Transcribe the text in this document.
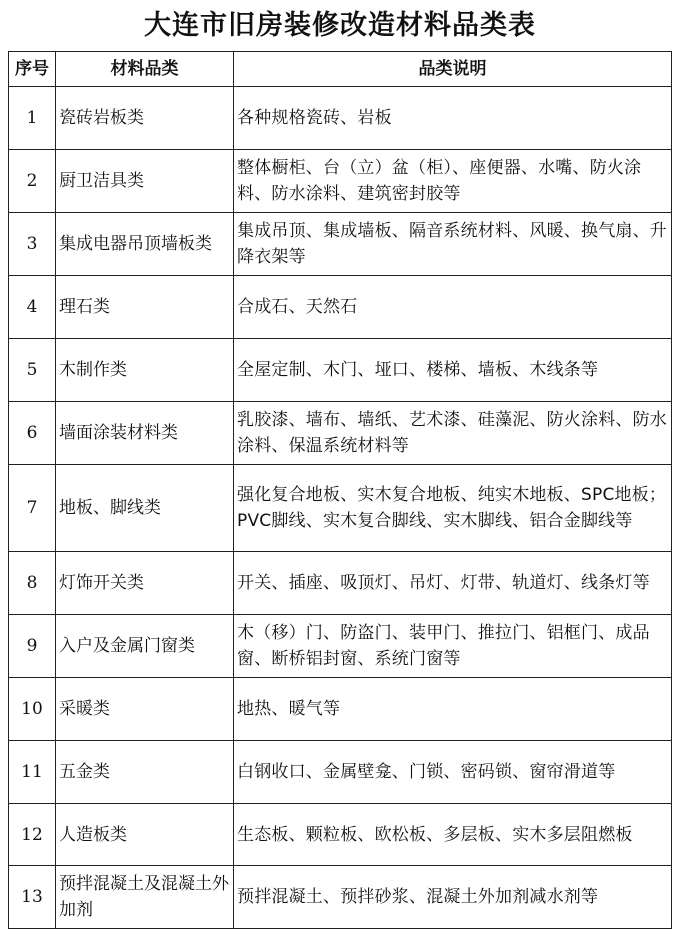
大连市旧房装修改造材料品类表
序号	材料品类	品类说明
1	瓷砖岩板类	各种规格瓷砖、岩板
2	厨卫洁具类	整体橱柜、台（立）盆（柜）、座便器、水嘴、防火涂料、防水涂料、建筑密封胶等
3	集成电器吊顶墙板类	集成吊顶、集成墙板、隔音系统材料、风暖、换气扇、升降衣架等
4	理石类	合成石、天然石
5	木制作类	全屋定制、木门、垭口、楼梯、墙板、木线条等
6	墙面涂装材料类	乳胶漆、墙布、墙纸、艺术漆、硅藻泥、防火涂料、防水涂料、保温系统材料等
7	地板、脚线类	强化复合地板、实木复合地板、纯实木地板、SPC地板；PVC脚线、实木复合脚线、实木脚线、铝合金脚线等
8	灯饰开关类	开关、插座、吸顶灯、吊灯、灯带、轨道灯、线条灯等
9	入户及金属门窗类	木（移）门、防盗门、装甲门、推拉门、铝框门、成品窗、断桥铝封窗、系统门窗等
10	采暖类	地热、暖气等
11	五金类	白钢收口、金属壁龛、门锁、密码锁、窗帘滑道等
12	人造板类	生态板、颗粒板、欧松板、多层板、实木多层阻燃板
13	预拌混凝土及混凝土外加剂	预拌混凝土、预拌砂浆、混凝土外加剂减水剂等
